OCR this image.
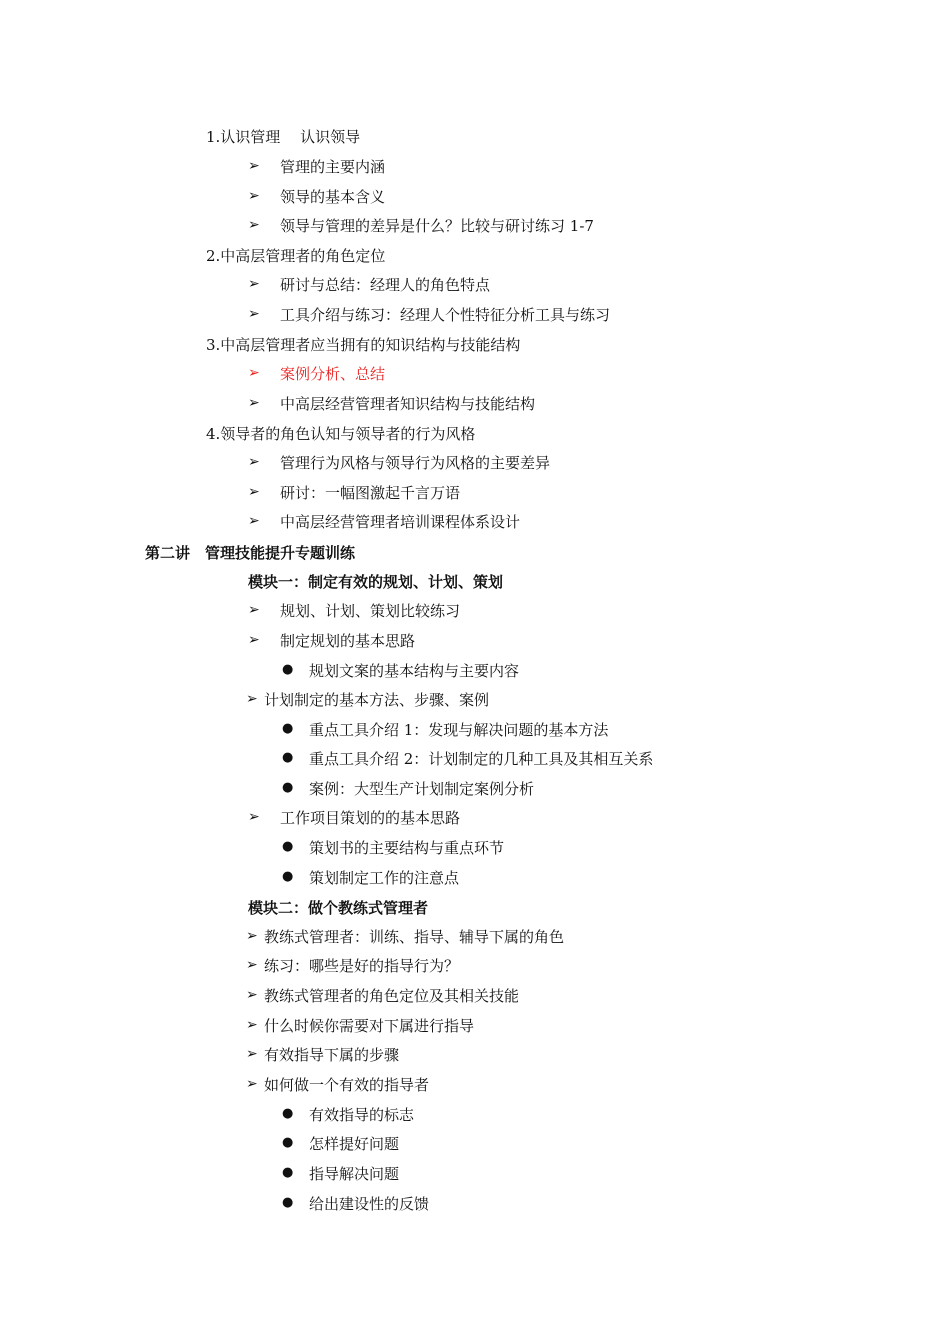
1.认识管理　 认识领导
➢ 管理的主要内涵
➢ 领导的基本含义
➢ 领导与管理的差异是什么？比较与研讨练习 1-7
2.中高层管理者的角色定位
➢ 研讨与总结：经理人的角色特点
➢ 工具介绍与练习：经理人个性特征分析工具与练习
3.中高层管理者应当拥有的知识结构与技能结构
➢ 案例分析、总结
➢ 中高层经营管理者知识结构与技能结构
4.领导者的角色认知与领导者的行为风格
➢ 管理行为风格与领导行为风格的主要差异
➢ 研讨：一幅图激起千言万语
➢ 中高层经营管理者培训课程体系设计
第二讲　管理技能提升专题训练
模块一：制定有效的规划、计划、策划
➢ 规划、计划、策划比较练习
➢ 制定规划的基本思路
● 规划文案的基本结构与主要内容
➢ 计划制定的基本方法、步骤、案例
● 重点工具介绍 1：发现与解决问题的基本方法
● 重点工具介绍 2：计划制定的几种工具及其相互关系
● 案例：大型生产计划制定案例分析
➢ 工作项目策划的的基本思路
● 策划书的主要结构与重点环节
● 策划制定工作的注意点
模块二：做个教练式管理者
➢ 教练式管理者：训练、指导、辅导下属的角色
➢ 练习：哪些是好的指导行为？
➢ 教练式管理者的角色定位及其相关技能
➢ 什么时候你需要对下属进行指导
➢ 有效指导下属的步骤
➢ 如何做一个有效的指导者
● 有效指导的标志
● 怎样提好问题
● 指导解决问题
● 给出建设性的反馈
